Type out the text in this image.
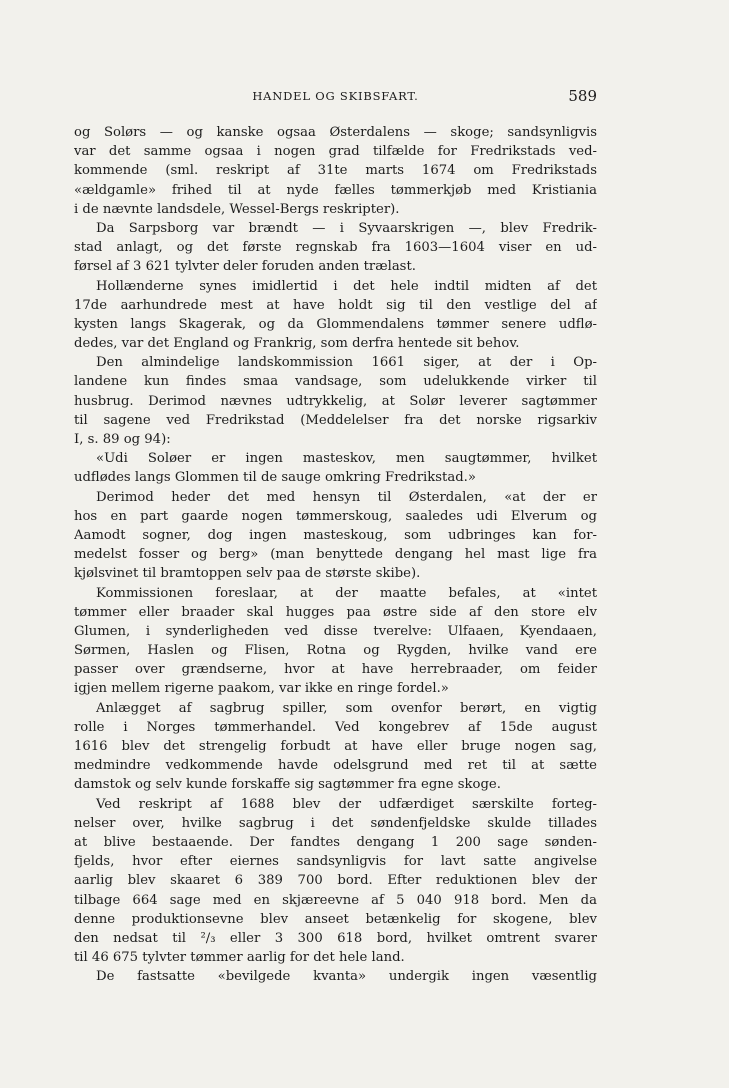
HANDEL OG SKIBSFART.	589
og Solørs — og kanske ogsaa Østerdalens — skoge; sandsynligvis
var det samme ogsaa i nogen grad tilfælde for Fredrikstads ved-
kommende (sml. reskript af 31te marts 1674 om Fredrikstads
«ældgamle» frihed til at nyde fælles tømmerkjøb med Kristiania
i de nævnte landsdele, Wessel-Bergs reskripter).
Da Sarpsborg var brændt — i Syvaarskrigen —, blev Fredrik-
stad anlagt, og det første regnskab fra 1603—1604 viser en ud-
førsel af 3 621 tylvter deler foruden anden trælast.
Hollænderne synes imidlertid i det hele indtil midten af det
17de aarhundrede mest at have holdt sig til den vestlige del af
kysten langs Skagerak, og da Glommendalens tømmer senere udflø-
dedes, var det England og Frankrig, som derfra hentede sit behov.
Den almindelige landskommission 1661 siger, at der i Op-
landene kun findes smaa vandsage, som udelukkende virker til
husbrug. Derimod nævnes udtrykkelig, at Solør leverer sagtømmer
til sagene ved Fredrikstad (Meddelelser fra det norske rigsarkiv
I, s. 89 og 94):
«Udi Soløer er ingen masteskov, men saugtømmer, hvilket
udflødes langs Glommen til de sauge omkring Fredrikstad.»
Derimod heder det med hensyn til Østerdalen, «at der er
hos en part gaarde nogen tømmerskoug, saaledes udi Elverum og
Aamodt sogner, dog ingen masteskoug, som udbringes kan for-
medelst fosser og berg» (man benyttede dengang hel mast lige fra
kjølsvinet til bramtoppen selv paa de største skibe).
Kommissionen foreslaar, at der maatte befales, at «intet
tømmer eller braader skal hugges paa østre side af den store elv
Glumen, i synderligheden ved disse tverelve: Ulfaaen, Kyendaaen,
Sørmen, Haslen og Flisen, Rotna og Rygden, hvilke vand ere
passer over grændserne, hvor at have herrebraader, om feider
igjen mellem rigerne paakom, var ikke en ringe fordel.»
Anlægget af sagbrug spiller, som ovenfor berørt, en vigtig
rolle i Norges tømmerhandel. Ved kongebrev af 15de august
1616 blev det strengelig forbudt at have eller bruge nogen sag,
medmindre vedkommende havde odelsgrund med ret til at sætte
damstok og selv kunde forskaffe sig sagtømmer fra egne skoge.
Ved reskript af 1688 blev der udfærdiget særskilte forteg-
nelser over, hvilke sagbrug i det søndenfjeldske skulde tillades
at blive bestaaende. Der fandtes dengang 1 200 sage sønden-
fjelds, hvor efter eiernes sandsynligvis for lavt satte angivelse
aarlig blev skaaret 6 389 700 bord. Efter reduktionen blev der
tilbage 664 sage med en skjæreevne af 5 040 918 bord. Men da
denne produktionsevne blev anseet betænkelig for skogene, blev
den nedsat til ²/₃ eller 3 300 618 bord, hvilket omtrent svarer
til 46 675 tylvter tømmer aarlig for det hele land.
De fastsatte «bevilgede kvanta» undergik ingen væsentlig
